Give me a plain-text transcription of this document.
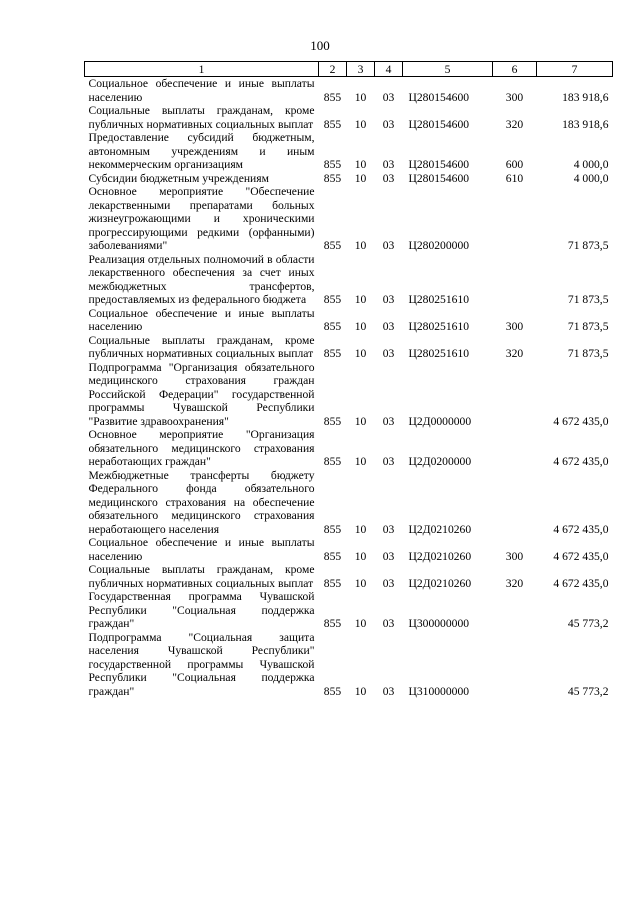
100
1	2	3	4	5	6	7
Социальное обеспечение и иные выплаты населению	855	10	03	Ц280154600	300	183 918,6
Социальные выплаты гражданам, кроме публичных нормативных социальных выплат	855	10	03	Ц280154600	320	183 918,6
Предоставление субсидий бюджетным, автономным учреждениям и иным некоммерческим организациям	855	10	03	Ц280154600	600	4 000,0
Субсидии бюджетным учреждениям	855	10	03	Ц280154600	610	4 000,0
Основное мероприятие "Обеспечение лекарственными препаратами больных жизнеугрожающими и хроническими прогрессирующими редкими (орфанными) заболеваниями"	855	10	03	Ц280200000		71 873,5
Реализация отдельных полномочий в области лекарственного обеспечения за счет иных межбюджетных трансфертов, предоставляемых из федерального бюджета	855	10	03	Ц280251610		71 873,5
Социальное обеспечение и иные выплаты населению	855	10	03	Ц280251610	300	71 873,5
Социальные выплаты гражданам, кроме публичных нормативных социальных выплат	855	10	03	Ц280251610	320	71 873,5
Подпрограмма "Организация обязательного медицинского страхования граждан Российской Федерации" государственной программы Чувашской Республики "Развитие здравоохранения"	855	10	03	Ц2Д0000000		4 672 435,0
Основное мероприятие "Организация обязательного медицинского страхования неработающих граждан"	855	10	03	Ц2Д0200000		4 672 435,0
Межбюджетные трансферты бюджету Федерального фонда обязательного медицинского страхования на обеспечение обязательного медицинского страхования неработающего населения	855	10	03	Ц2Д0210260		4 672 435,0
Социальное обеспечение и иные выплаты населению	855	10	03	Ц2Д0210260	300	4 672 435,0
Социальные выплаты гражданам, кроме публичных нормативных социальных выплат	855	10	03	Ц2Д0210260	320	4 672 435,0
Государственная программа Чувашской Республики "Социальная поддержка граждан"	855	10	03	Ц300000000		45 773,2
Подпрограмма "Социальная защита населения Чувашской Республики" государственной программы Чувашской Республики "Социальная поддержка граждан"	855	10	03	Ц310000000		45 773,2
